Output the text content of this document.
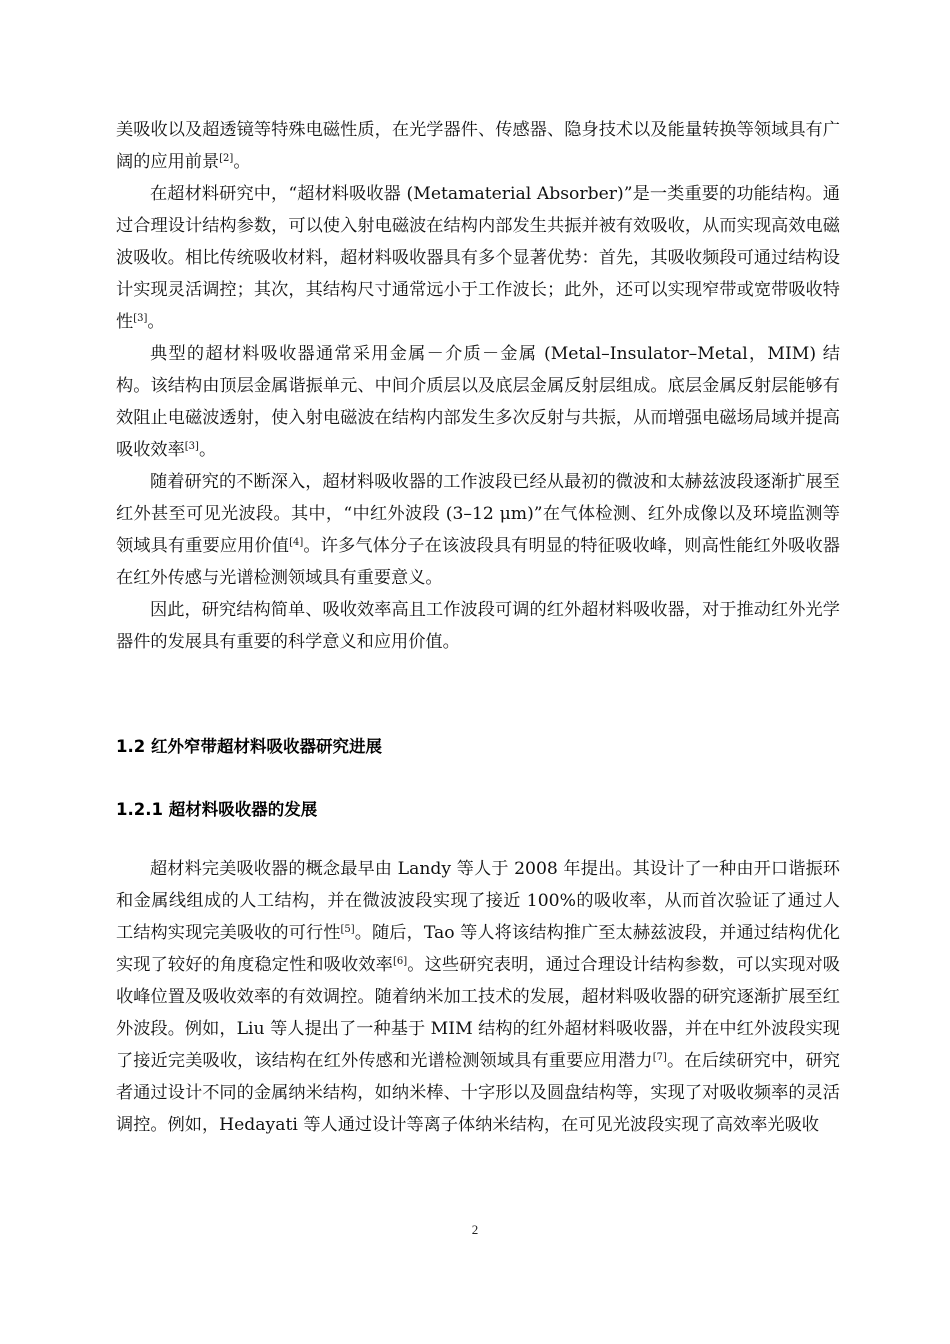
美吸收以及超透镜等特殊电磁性质，在光学器件、传感器、隐身技术以及能量转换等领域具有广阔的应用前景[2]。

在超材料研究中，“超材料吸收器 (Metamaterial Absorber)”是一类重要的功能结构。通过合理设计结构参数，可以使入射电磁波在结构内部发生共振并被有效吸收，从而实现高效电磁波吸收。相比传统吸收材料，超材料吸收器具有多个显著优势：首先，其吸收频段可通过结构设计实现灵活调控；其次，其结构尺寸通常远小于工作波长；此外，还可以实现窄带或宽带吸收特性[3]。

典型的超材料吸收器通常采用金属－介质－金属 (Metal–Insulator–Metal，MIM) 结构。该结构由顶层金属谐振单元、中间介质层以及底层金属反射层组成。底层金属反射层能够有效阻止电磁波透射，使入射电磁波在结构内部发生多次反射与共振，从而增强电磁场局域并提高吸收效率[3]。

随着研究的不断深入，超材料吸收器的工作波段已经从最初的微波和太赫兹波段逐渐扩展至红外甚至可见光波段。其中，“中红外波段 (3–12 μm)”在气体检测、红外成像以及环境监测等领域具有重要应用价值[4]。许多气体分子在该波段具有明显的特征吸收峰，则高性能红外吸收器在红外传感与光谱检测领域具有重要意义。

因此，研究结构简单、吸收效率高且工作波段可调的红外超材料吸收器，对于推动红外光学器件的发展具有重要的科学意义和应用价值。

1.2 红外窄带超材料吸收器研究进展
1.2.1 超材料吸收器的发展

超材料完美吸收器的概念最早由 Landy 等人于 2008 年提出。其设计了一种由开口谐振环和金属线组成的人工结构，并在微波波段实现了接近 100%的吸收率，从而首次验证了通过人工结构实现完美吸收的可行性[5]。随后，Tao 等人将该结构推广至太赫兹波段，并通过结构优化实现了较好的角度稳定性和吸收效率[6]。这些研究表明，通过合理设计结构参数，可以实现对吸收峰位置及吸收效率的有效调控。随着纳米加工技术的发展，超材料吸收器的研究逐渐扩展至红外波段。例如，Liu 等人提出了一种基于 MIM 结构的红外超材料吸收器，并在中红外波段实现了接近完美吸收，该结构在红外传感和光谱检测领域具有重要应用潜力[7]。在后续研究中，研究者通过设计不同的金属纳米结构，如纳米棒、十字形以及圆盘结构等，实现了对吸收频率的灵活调控。例如，Hedayati 等人通过设计等离子体纳米结构，在可见光波段实现了高效率光吸收

2
